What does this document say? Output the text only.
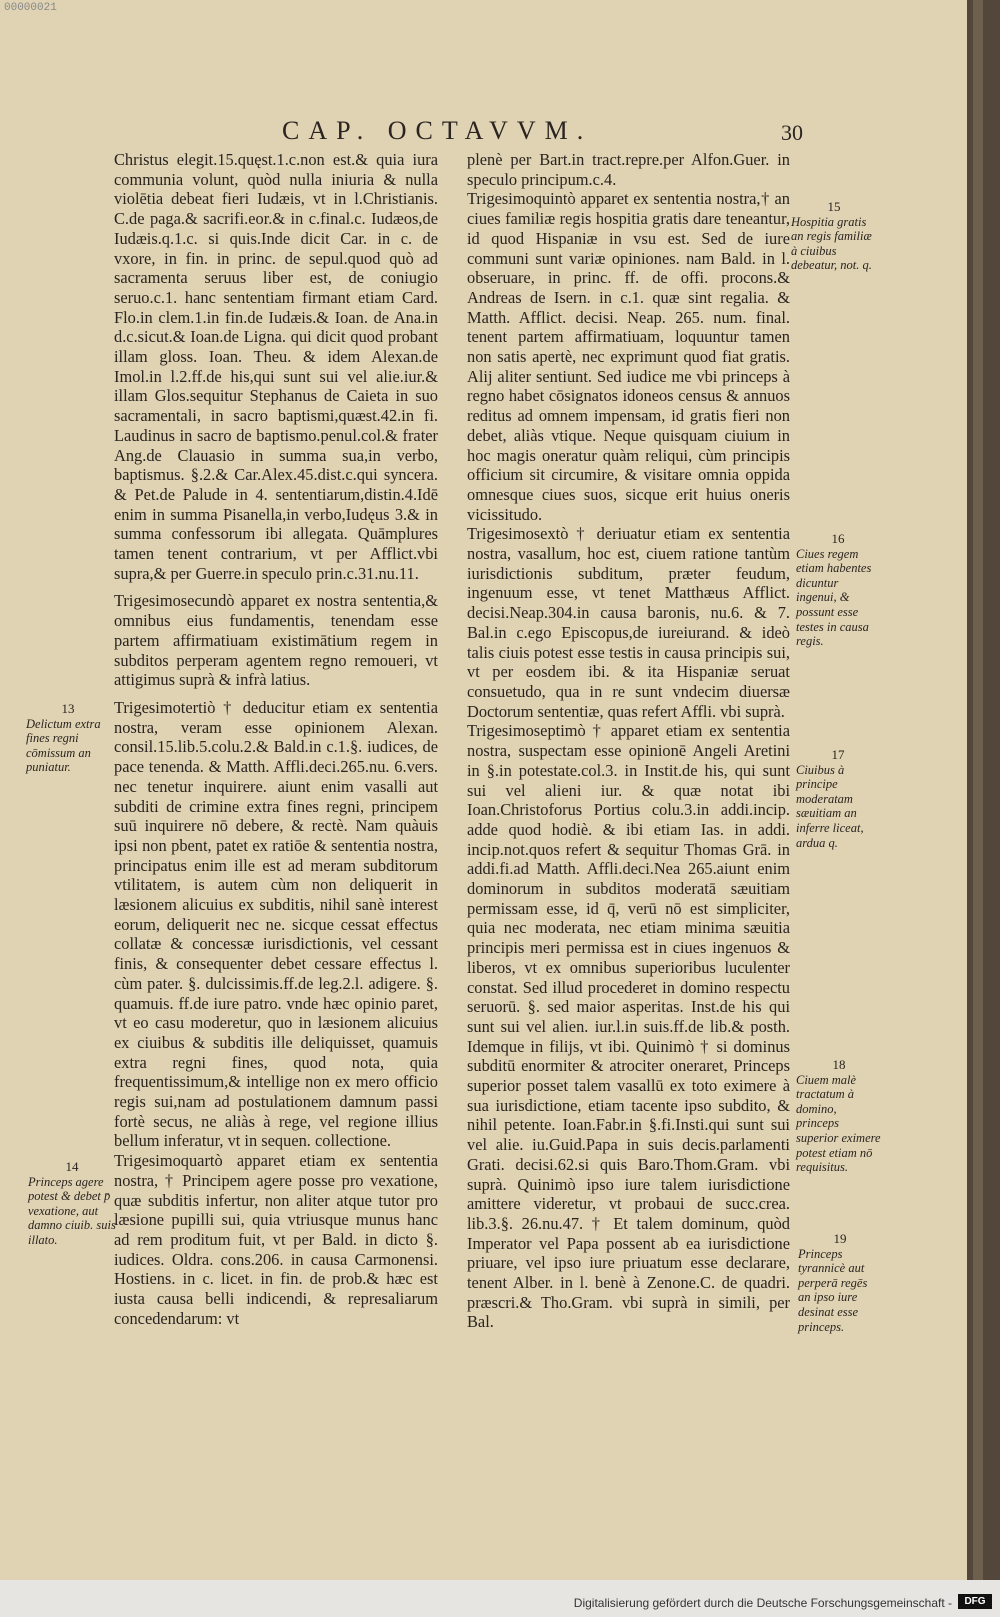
00000021
CAP. OCTAVVM.	30

Christus elegit.15.quęst.1.c.non est.& quia iura communia volunt, quòd nulla iniuria & nulla violētia debeat fieri Iudæis, vt in l.Christianis. C.de paga.& sacrifi.eor.& in c.final.c. Iudæos,de Iudæis.q.1.c. si quis.Inde dicit Car. in c. de vxore, in fin. in princ. de sepul.quod quò ad sacramenta seruus liber est, de coniugio seruo.c.1. hanc sententiam firmant etiam Card. Flo.in clem.1.in fin.de Iudæis.& Ioan. de Ana.in d.c.sicut.& Ioan.de Ligna. qui dicit quod probant illam gloss. Ioan. Theu. & idem Alexan.de Imol.in l.2.ff.de his,qui sunt sui vel alie.iur.& illam Glos.sequitur Stephanus de Caieta in suo sacramentali, in sacro baptismi,quæst.42.in fi. Laudinus in sacro de baptismo.penul.col.& frater Ang.de Clauasio in summa sua,in verbo, baptismus. §.2.& Car.Alex.45.dist.c.qui syncera. & Pet.de Palude in 4. sententiarum,distin.4.Idē enim in summa Pisanella,in verbo,Iudęus 3.& in summa confessorum ibi allegata. Quāmplures tamen tenent contrarium, vt per Afflict.vbi supra,& per Guerre.in speculo prin.c.31.nu.11.

Trigesimosecundò apparet ex nostra sententia,& omnibus eius fundamentis, tenendam esse partem affirmatiuam existimātium regem in subditos perperam agentem regno remoueri, vt attigimus suprà & infrà latius.

Trigesimotertiò † deducitur etiam ex sententia nostra, veram esse opinionem Alexan. consil.15.lib.5.colu.2.& Bald.in c.1.§. iudices, de pace tenenda. & Matth. Affli.deci.265.nu. 6.vers. nec tenetur inquirere. aiunt enim vasalli aut subditi de crimine extra fines regni, principem suū inquirere nō debere, & rectè. Nam quàuis ipsi non pbent, patet ex ratiōe & sententia nostra, principatus enim ille est ad meram subditorum vtilitatem, is autem cùm non deliquerit in læsionem alicuius ex subditis, nihil sanè interest eorum, deliquerit nec ne. sicque cessat effectus collatæ & concessæ iurisdictionis, vel cessant finis, & consequenter debet cessare effectus l. cùm pater. §. dulcissimis.ff.de leg.2.l. adigere. §. quamuis. ff.de iure patro. vnde hæc opinio paret, vt eo casu moderetur, quo in læsionem alicuius ex ciuibus & subditis ille deliquisset, quamuis extra regni fines, quod nota, quia frequentissimum,& intellige non ex mero officio regis sui,nam ad postulationem damnum passi fortè secus, ne aliàs à rege, vel regione illius bellum inferatur, vt in sequen. collectione.

Trigesimoquartò apparet etiam ex sententia nostra, † Principem agere posse pro vexatione, quæ subditis infertur, non aliter atque tutor pro læsione pupilli sui, quia vtriusque munus hanc ad rem proditum fuit, vt per Bald. in dicto §. iudices. Oldra. cons.206. in causa Carmonensi. Hostiens. in c. licet. in fin. de prob.& hæc est iusta causa belli indicendi, & represaliarum concedendarum: vt

plenè per Bart.in tract.repre.per Alfon.Guer. in speculo principum.c.4.

Trigesimoquintò apparet ex sententia nostra,† an ciues familiæ regis hospitia gratis dare teneantur, id quod Hispaniæ in vsu est. Sed de iure communi sunt variæ opiniones. nam Bald. in l. obseruare, in princ. ff. de offi. procons.& Andreas de Isern. in c.1. quæ sint regalia. & Matth. Afflict. decisi. Neap. 265. num. final. tenent partem affirmatiuam, loquuntur tamen non satis apertè, nec exprimunt quod fiat gratis. Alij aliter sentiunt. Sed iudice me vbi princeps à regno habet cōsignatos idoneos census & annuos reditus ad omnem impensam, id gratis fieri non debet, aliàs vtique. Neque quisquam ciuium in hoc magis oneratur quàm reliqui, cùm principis officium sit circumire, & visitare omnia oppida omnesque ciues suos, sicque erit huius oneris vicissitudo.

Trigesimosextò † deriuatur etiam ex sententia nostra, vasallum, hoc est, ciuem ratione tantùm iurisdictionis subditum, præter feudum, ingenuum esse, vt tenet Matthæus Afflict. decisi.Neap.304.in causa baronis, nu.6. & 7. Bal.in c.ego Episcopus,de iureiurand. & ideò talis ciuis potest esse testis in causa principis sui, vt per eosdem ibi. & ita Hispaniæ seruat consuetudo, qua in re sunt vndecim diuersæ Doctorum sententiæ, quas refert Affli. vbi suprà.

Trigesimoseptimò † apparet etiam ex sententia nostra, suspectam esse opinionē Angeli Aretini in §.in potestate.col.3. in Instit.de his, qui sunt sui vel alieni iur. & quæ notat ibi Ioan.Christoforus Portius colu.3.in addi.incip. adde quod hodiè. & ibi etiam Ias. in addi. incip.not.quos refert & sequitur Thomas Grā. in addi.fi.ad Matth. Affli.deci.Nea 265.aiunt enim dominorum in subditos moderatā sæuitiam permissam esse, id q̄, verū nō est simpliciter, quia nec moderata, nec etiam minima sæuitia principis meri permissa est in ciues ingenuos & liberos, vt ex omnibus superioribus luculenter constat. Sed illud procederet in domino respectu seruorū. §. sed maior asperitas. Inst.de his qui sunt sui vel alien. iur.l.in suis.ff.de lib.& posth. Idemque in filijs, vt ibi. Quinimò † si dominus subditū enormiter & atrociter oneraret, Princeps superior posset talem vasallū ex toto eximere à sua iurisdictione, etiam tacente ipso subdito, & nihil petente. Ioan.Fabr.in §.fi.Insti.qui sunt sui vel alie. iu.Guid.Papa in suis decis.parlamenti Grati. decisi.62.si quis Baro.Thom.Gram. vbi suprà. Quinimò ipso iure talem iurisdictione amittere videretur, vt probaui de succ.crea. lib.3.§. 26.nu.47. † Et talem dominum, quòd Imperator vel Papa possent ab ea iurisdictione priuare, vel ipso iure priuatum esse declarare, tenent Alber. in l. benè à Zenone.C. de quadri. præscri.& Tho.Gram. vbi suprà in simili, per Bal.

13
Delictum extra fines regni cōmissum an puniatur.
14
Princeps agere potest & debet p̄ vexatione, aut damno ciuib. suis illato.
15
Hospitia gratis an regis familiæ à ciuibus debeatur, not. q.
16
Ciues regem etiam habentes dicuntur ingenui, & possunt esse testes in causa regis.
17
Ciuibus à principe moderatam sæuitiam an inferre liceat, ardua q.
18
Ciuem malè tractatum à domino, princeps superior eximere potest etiam nō requisitus.
19
Princeps tyrannicè aut perperā regēs an ipso iure desinat esse princeps.
Digitalisierung gefördert durch die Deutsche Forschungsgemeinschaft -	DFG
